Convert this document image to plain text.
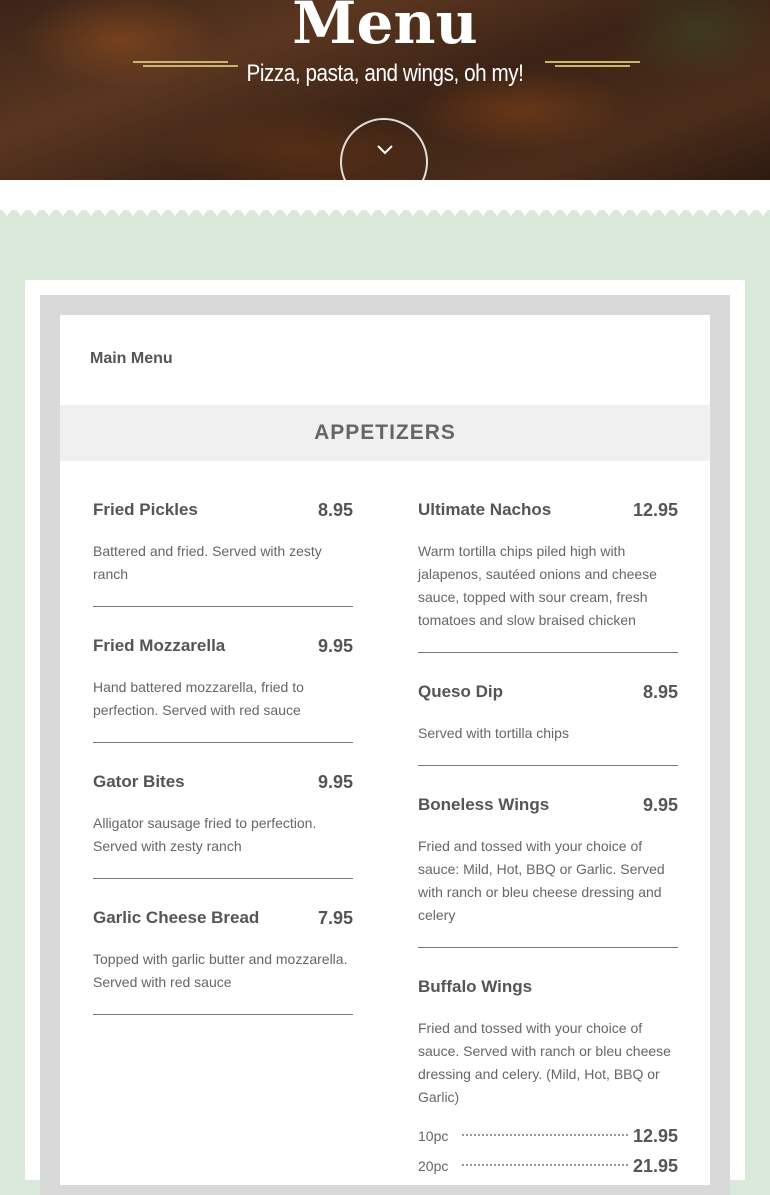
Menu
Pizza, pasta, and wings, oh my!
Main Menu
APPETIZERS
Fried Pickles	8.95
Battered and fried. Served with zesty ranch
Fried Mozzarella	9.95
Hand battered mozzarella, fried to perfection. Served with red sauce
Gator Bites	9.95
Alligator sausage fried to perfection. Served with zesty ranch
Garlic Cheese Bread	7.95
Topped with garlic butter and mozzarella. Served with red sauce
Ultimate Nachos	12.95
Warm tortilla chips piled high with jalapenos, sautéed onions and cheese sauce, topped with sour cream, fresh tomatoes and slow braised chicken
Queso Dip	8.95
Served with tortilla chips
Boneless Wings	9.95
Fried and tossed with your choice of sauce: Mild, Hot, BBQ or Garlic. Served with ranch or bleu cheese dressing and celery
Buffalo Wings
Fried and tossed with your choice of sauce. Served with ranch or bleu cheese dressing and celery. (Mild, Hot, BBQ or Garlic)
10pc	12.95
20pc	21.95
